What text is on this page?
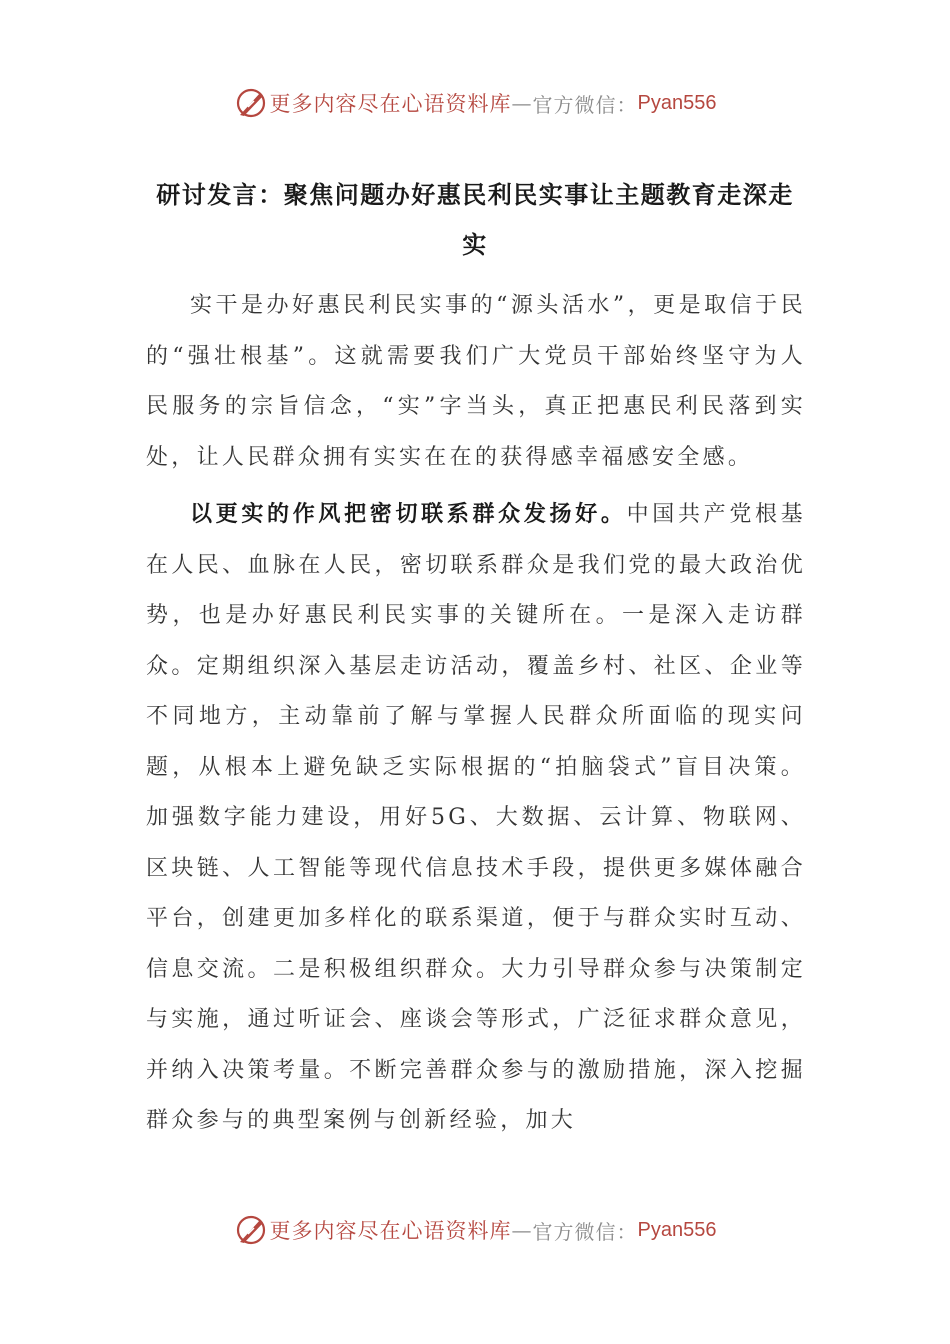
更多内容尽在心语资料库 — 官方微信： Pyan556
研讨发言：聚焦问题办好惠民利民实事让主题教育走深走实

实干是办好惠民利民实事的“源头活水”，更是取信于民的“强壮根基”。这就需要我们广大党员干部始终坚守为人民服务的宗旨信念，“实”字当头，真正把惠民利民落到实处，让人民群众拥有实实在在的获得感幸福感安全感。

以更实的作风把密切联系群众发扬好。中国共产党根基在人民、血脉在人民，密切联系群众是我们党的最大政治优势，也是办好惠民利民实事的关键所在。一是深入走访群众。定期组织深入基层走访活动，覆盖乡村、社区、企业等不同地方，主动靠前了解与掌握人民群众所面临的现实问题，从根本上避免缺乏实际根据的“拍脑袋式”盲目决策。加强数字能力建设，用好5G、大数据、云计算、物联网、区块链、人工智能等现代信息技术手段，提供更多媒体融合平台，创建更加多样化的联系渠道，便于与群众实时互动、信息交流。二是积极组织群众。大力引导群众参与决策制定与实施，通过听证会、座谈会等形式，广泛征求群众意见，并纳入决策考量。不断完善群众参与的激励措施，深入挖掘群众参与的典型案例与创新经验，加大

更多内容尽在心语资料库 — 官方微信： Pyan556
